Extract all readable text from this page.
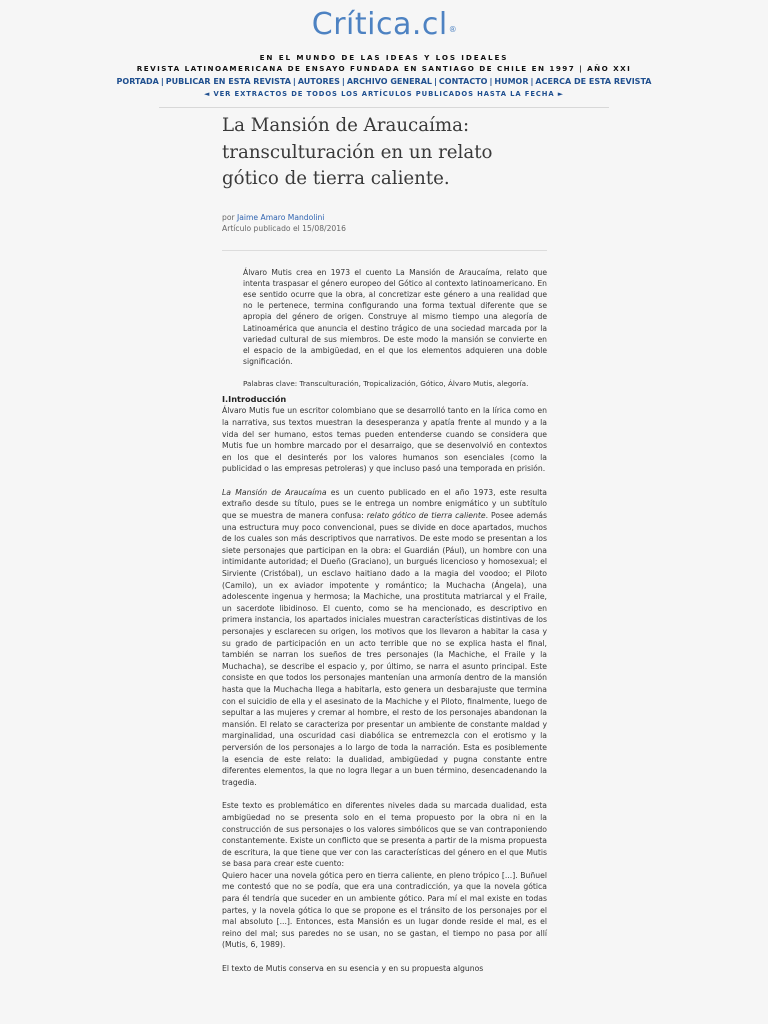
Crítica.cl®
EN EL MUNDO DE LAS IDEAS Y LOS IDEALES
REVISTA LATINOAMERICANA DE ENSAYO FUNDADA EN SANTIAGO DE CHILE EN 1997 | AÑO XXI
PORTADA | PUBLICAR EN ESTA REVISTA | AUTORES | ARCHIVO GENERAL | CONTACTO | HUMOR | ACERCA DE ESTA REVISTA
◄ VER EXTRACTOS DE TODOS LOS ARTÍCULOS PUBLICADOS HASTA LA FECHA ►
La Mansión de Araucaíma: transculturación en un relato gótico de tierra caliente.
por Jaime Amaro Mandolini
Artículo publicado el 15/08/2016

Álvaro Mutis crea en 1973 el cuento La Mansión de Araucaíma, relato que intenta traspasar el género europeo del Gótico al contexto latinoamericano. En ese sentido ocurre que la obra, al concretizar este género a una realidad que no le pertenece, termina configurando una forma textual diferente que se apropia del género de origen. Construye al mismo tiempo una alegoría de Latinoamérica que anuncia el destino trágico de una sociedad marcada por la variedad cultural de sus miembros. De este modo la mansión se convierte en el espacio de la ambigüedad, en el que los elementos adquieren una doble significación.

Palabras clave: Transculturación, Tropicalización, Gótico, Álvaro Mutis, alegoría.

I.Introducción

Álvaro Mutis fue un escritor colombiano que se desarrolló tanto en la lírica como en la narrativa, sus textos muestran la desesperanza y apatía frente al mundo y a la vida del ser humano, estos temas pueden entenderse cuando se considera que Mutis fue un hombre marcado por el desarraigo, que se desenvolvió en contextos en los que el desinterés por los valores humanos son esenciales (como la publicidad o las empresas petroleras) y que incluso pasó una temporada en prisión.

La Mansión de Araucaíma es un cuento publicado en el año 1973, este resulta extraño desde su título, pues se le entrega un nombre enigmático y un subtítulo que se muestra de manera confusa: relato gótico de tierra caliente. Posee además una estructura muy poco convencional, pues se divide en doce apartados, muchos de los cuales son más descriptivos que narrativos. De este modo se presentan a los siete personajes que participan en la obra: el Guardián (Pául), un hombre con una intimidante autoridad; el Dueño (Graciano), un burgués licencioso y homosexual; el Sirviente (Cristóbal), un esclavo haitiano dado a la magia del voodoo; el Piloto (Camilo), un ex aviador impotente y romántico; la Muchacha (Ángela), una adolescente ingenua y hermosa; la Machiche, una prostituta matriarcal y el Fraile, un sacerdote libidinoso. El cuento, como se ha mencionado, es descriptivo en primera instancia, los apartados iniciales muestran características distintivas de los personajes y esclarecen su origen, los motivos que los llevaron a habitar la casa y su grado de participación en un acto terrible que no se explica hasta el final, también se narran los sueños de tres personajes (la Machiche, el Fraile y la Muchacha), se describe el espacio y, por último, se narra el asunto principal. Este consiste en que todos los personajes mantenían una armonía dentro de la mansión hasta que la Muchacha llega a habitarla, esto genera un desbarajuste que termina con el suicidio de ella y el asesinato de la Machiche y el Piloto, finalmente, luego de sepultar a las mujeres y cremar al hombre, el resto de los personajes abandonan la mansión. El relato se caracteriza por presentar un ambiente de constante maldad y marginalidad, una oscuridad casi diabólica se entremezcla con el erotismo y la perversión de los personajes a lo largo de toda la narración. Esta es posiblemente la esencia de este relato: la dualidad, ambigüedad y pugna constante entre diferentes elementos, la que no logra llegar a un buen término, desencadenando la tragedia.

Este texto es problemático en diferentes niveles dada su marcada dualidad, esta ambigüedad no se presenta solo en el tema propuesto por la obra ni en la construcción de sus personajes o los valores simbólicos que se van contraponiendo constantemente. Existe un conflicto que se presenta a partir de la misma propuesta de escritura, la que tiene que ver con las características del género en el que Mutis se basa para crear este cuento:
Quiero hacer una novela gótica pero en tierra caliente, en pleno trópico [...]. Buñuel me contestó que no se podía, que era una contradicción, ya que la novela gótica para él tendría que suceder en un ambiente gótico. Para mí el mal existe en todas partes, y la novela gótica lo que se propone es el tránsito de los personajes por el mal absoluto [...]. Entonces, esta Mansión es un lugar donde reside el mal, es el reino del mal; sus paredes no se usan, no se gastan, el tiempo no pasa por allí (Mutis, 6, 1989).

El texto de Mutis conserva en su esencia y en su propuesta algunos
